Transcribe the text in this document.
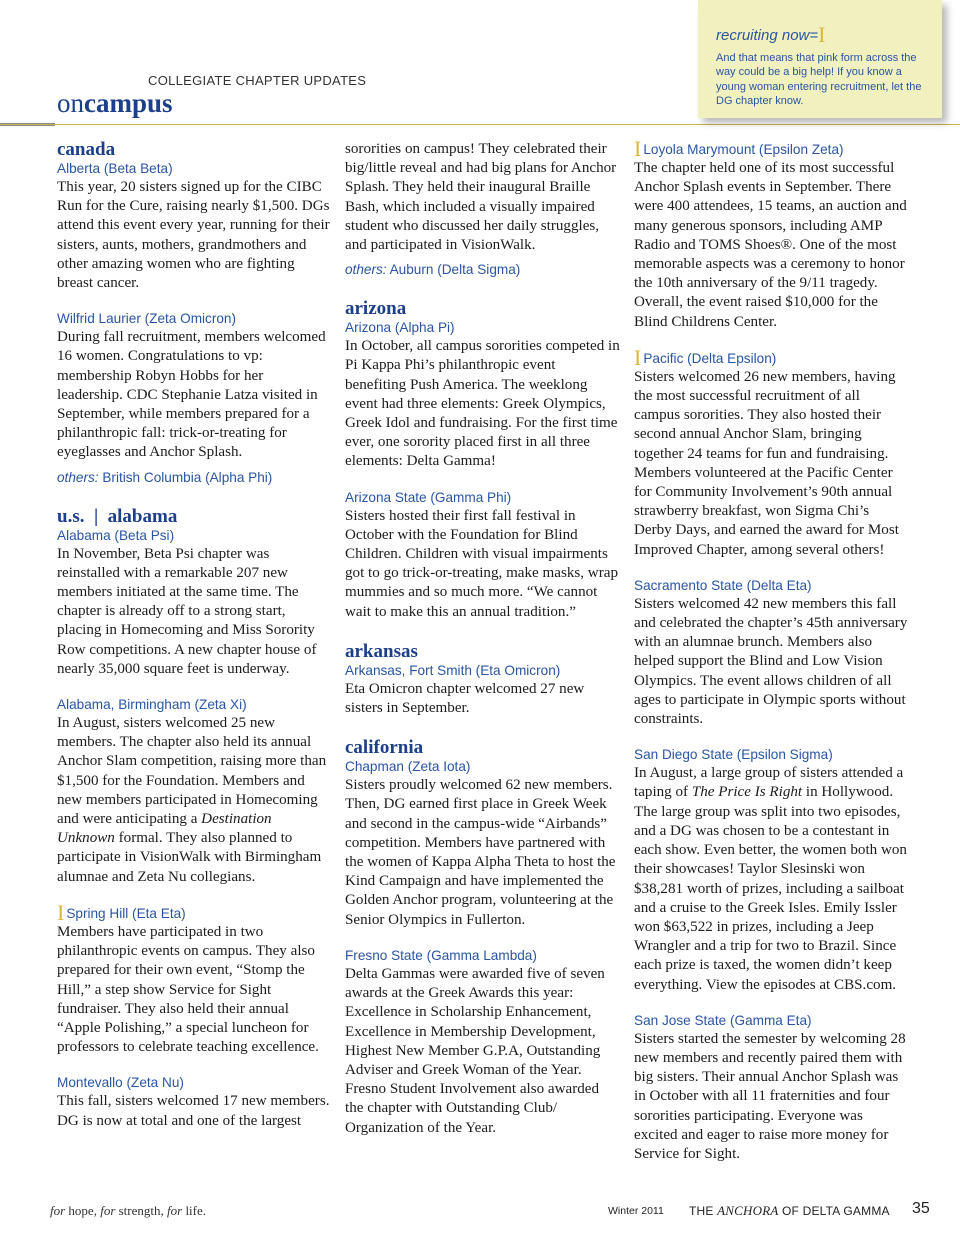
COLLEGIATE CHAPTER UPDATES
oncampus
recruiting now=I
And that means that pink form across the way could be a big help! If you know a young woman entering recruitment, let the DG chapter know.
canada
Alberta (Beta Beta)

This year, 20 sisters signed up for the CIBC Run for the Cure, raising nearly $1,500. DGs attend this event every year, running for their sisters, aunts, mothers, grandmothers and other amazing women who are fighting breast cancer.

Wilfrid Laurier (Zeta Omicron)

During fall recruitment, members welcomed 16 women. Congratulations to vp: membership Robyn Hobbs for her leadership. CDC Stephanie Latza visited in September, while members prepared for a philanthropic fall: trick-or-treating for eyeglasses and Anchor Splash.

others: British Columbia (Alpha Phi)
u.s.  |  alabama
Alabama (Beta Psi)

In November, Beta Psi chapter was reinstalled with a remarkable 207 new members initiated at the same time. The chapter is already off to a strong start, placing in Homecoming and Miss Sorority Row competitions. A new chapter house of nearly 35,000 square feet is underway.

Alabama, Birmingham (Zeta Xi)

In August, sisters welcomed 25 new members. The chapter also held its annual Anchor Slam competition, raising more than $1,500 for the Foundation. Members and new members participated in Homecoming and were anticipating a Destination Unknown formal. They also planned to participate in VisionWalk with Birmingham alumnae and Zeta Nu collegians.

I Spring Hill (Eta Eta)

Members have participated in two philanthropic events on campus. They also prepared for their own event, “Stomp the Hill,” a step show Service for Sight fundraiser. They also held their annual “Apple Polishing,” a special luncheon for professors to celebrate teaching excellence.

Montevallo (Zeta Nu)

This fall, sisters welcomed 17 new members. DG is now at total and one of the largest

sororities on campus! They celebrated their big/little reveal and had big plans for Anchor Splash. They held their inaugural Braille Bash, which included a visually impaired student who discussed her daily struggles, and participated in VisionWalk.

others: Auburn (Delta Sigma)
arizona
Arizona (Alpha Pi)

In October, all campus sororities competed in Pi Kappa Phi’s philanthropic event benefiting Push America. The weeklong event had three elements: Greek Olympics, Greek Idol and fundraising. For the first time ever, one sorority placed first in all three elements: Delta Gamma!

Arizona State (Gamma Phi)

Sisters hosted their first fall festival in October with the Foundation for Blind Children. Children with visual impairments got to go trick-or-treating, make masks, wrap mummies and so much more. “We cannot wait to make this an annual tradition.”

arkansas
Arkansas, Fort Smith (Eta Omicron)

Eta Omicron chapter welcomed 27 new sisters in September.

california
Chapman (Zeta Iota)

Sisters proudly welcomed 62 new members. Then, DG earned first place in Greek Week and second in the campus-wide “Airbands” competition. Members have partnered with the women of Kappa Alpha Theta to host the Kind Campaign and have implemented the Golden Anchor program, volunteering at the Senior Olympics in Fullerton.

Fresno State (Gamma Lambda)

Delta Gammas were awarded five of seven awards at the Greek Awards this year: Excellence in Scholarship Enhancement, Excellence in Membership Development, Highest New Member G.P.A, Outstanding Adviser and Greek Woman of the Year. Fresno Student Involvement also awarded the chapter with Outstanding Club/ Organization of the Year.

I Loyola Marymount (Epsilon Zeta)

The chapter held one of its most successful Anchor Splash events in September. There were 400 attendees, 15 teams, an auction and many generous sponsors, including AMP Radio and TOMS Shoes®. One of the most memorable aspects was a ceremony to honor the 10th anniversary of the 9/11 tragedy. Overall, the event raised $10,000 for the Blind Childrens Center.

I Pacific (Delta Epsilon)

Sisters welcomed 26 new members, having the most successful recruitment of all campus sororities. They also hosted their second annual Anchor Slam, bringing together 24 teams for fun and fundraising. Members volunteered at the Pacific Center for Community Involvement’s 90th annual strawberry breakfast, won Sigma Chi’s Derby Days, and earned the award for Most Improved Chapter, among several others!

Sacramento State (Delta Eta)

Sisters welcomed 42 new members this fall and celebrated the chapter’s 45th anniversary with an alumnae brunch. Members also helped support the Blind and Low Vision Olympics. The event allows children of all ages to participate in Olympic sports without constraints.

San Diego State (Epsilon Sigma)

In August, a large group of sisters attended a taping of The Price Is Right in Hollywood. The large group was split into two episodes, and a DG was chosen to be a contestant in each show. Even better, the women both won their showcases! Taylor Slesinski won $38,281 worth of prizes, including a sailboat and a cruise to the Greek Isles. Emily Issler won $63,522 in prizes, including a Jeep Wrangler and a trip for two to Brazil. Since each prize is taxed, the women didn’t keep everything. View the episodes at CBS.com.

San Jose State (Gamma Eta)

Sisters started the semester by welcoming 28 new members and recently paired them with big sisters. Their annual Anchor Splash was in October with all 11 fraternities and four sororities participating. Everyone was excited and eager to raise more money for Service for Sight.

for hope, for strength, for life.	Winter 2011 THE ANCHORA OF DELTA GAMMA 35
